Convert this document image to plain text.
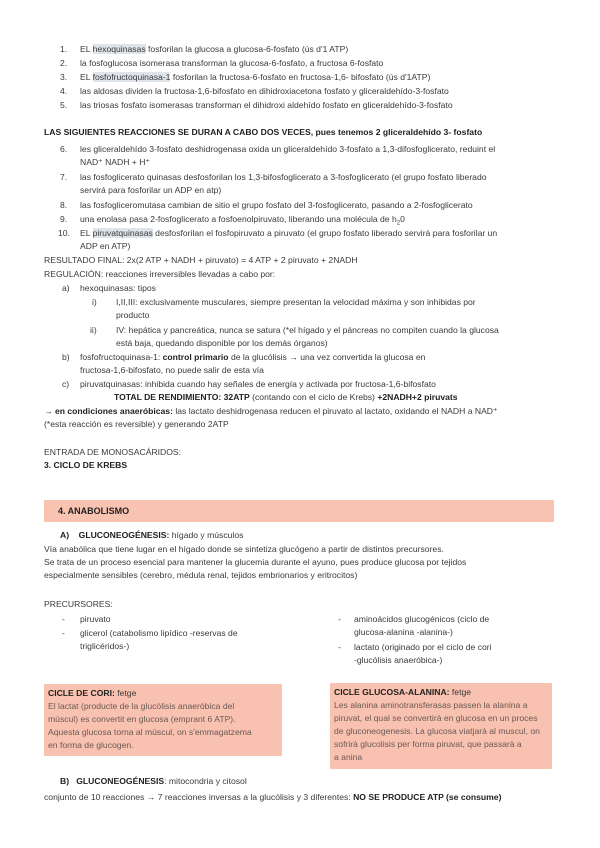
1. EL hexoquinasas fosforilan la glucosa a glucosa-6-fosfato (ús d'1 ATP)
2. la fosfoglucosa isomerasa transforman la glucosa-6-fosfato, a fructosa 6-fosfato
3. EL fosfofructoquinasa-1 fosforilan la fructosa-6-fosfato en fructosa-1,6- bifosfato (ús d'1ATP)
4. las aldosas dividen la fructosa-1,6-bifosfato en dihidroxiacetona fosfato y gliceraldehído-3-fosfato
5. las triosas fosfato isomerasas transforman el dihidroxi aldehído fosfato en gliceraldehído-3-fosfato
LAS SIGUIENTES REACCIONES SE DURAN A CABO DOS VECES, pues tenemos 2 gliceraldehído 3- fosfato
6. les gliceraldehído 3-fosfato deshidrogenasa oxida un gliceraldehído 3-fosfato a 1,3-difosfoglicerato, reduint el
NAD⁺ NADH + H⁺
7. las fosfoglicerato quinasas desfosforilan los 1,3-bifosfoglicerato a 3-fosfoglicerato (el grupo fosfato liberado
servirá para fosforilar un ADP en atp)
8. las fosfogliceromutasa cambian de sitio el grupo fosfato del 3-fosfoglicerato, pasando a 2-fosfoglicerato
9. una enolasa pasa 2-fosfoglicerato a fosfoenolpiruvato, liberando una molécula de $h_20$
10. EL piruvatquinasas desfosforilan el fosfopiruvato a piruvato (el grupo fosfato liberado servirá para fosforilar un
ADP en ATP)
RESULTADO FINAL: 2x(2 ATP + NADH + piruvato) = 4 ATP + 2 piruvato + 2NADH
REGULACIÓN: reacciones irreversibles llevadas a cabo por:
a) hexoquinasas: tipos
i) I,II,III: exclusivamente musculares, siempre presentan la velocidad máxima y son inhibidas por
producto
ii) IV: hepática y pancreática, nunca se satura (*el hígado y el páncreas no compiten cuando la glucosa
está baja, quedando disponible por los demás órganos)
b) fosfofructoquinasa-1: control primario de la glucólisis → una vez convertida la glucosa en
fructosa-1,6-bifosfato, no puede salir de esta vía
c) piruvatquinasas: inhibida cuando hay señales de energía y activada por fructosa-1,6-bifosfato
TOTAL DE RENDIMIENTO: 32ATP (contando con el ciclo de Krebs) +2NADH+2 piruvats
→ en condiciones anaeróbicas: las lactato deshidrogenasa reducen el piruvato al lactato, oxidando el NADH a NAD⁺
(*esta reacción es reversible) y generando 2ATP
ENTRADA DE MONOSACÁRIDOS:
3. CICLO DE KREBS
4. ANABOLISMO
A) GLUCONEOGÉNESIS: hígado y músculos
Vía anabólica que tiene lugar en el hígado donde se sintetiza glucógeno a partir de distintos precursores.
Se trata de un proceso esencial para mantener la glucemia durante el ayuno, pues produce glucosa por tejidos
especialmente sensibles (cerebro, médula renal, tejidos embrionarios y eritrocitos)
PRECURSORES:
- piruvato
- glicerol (catabolismo lipídico -reservas de
triglicéridos-)
- aminoácidos glucogénicos (ciclo de
glucosa-alanina -alanina-)
- lactato (originado por el ciclo de cori
-glucólisis anaeróbica-)
CICLE DE CORI: fetge
El lactat (producte de la glucòlisis anaeròbica del
múscul) es convertit en glucosa (emprant 6 ATP).
Aquesta glucosa torna al múscul, on s'emmagatzema
en forma de glucogen.
CICLE GLUCOSA-ALANINA: fetge
Les alanina aminotransferasas passen la alanina a
piruvat, el qual se convertirà en glucosa en un proces
de gluconeogenesis. La glucosa viatjarà al muscul, on
sofrirà glucolisis per forma piruvat, que passarà a
a anina
B) GLUCONEOGÉNESIS: mitocondria y citosol
conjunto de 10 reacciones → 7 reacciones inversas a la glucólisis y 3 diferentes: NO SE PRODUCE ATP (se consume)
